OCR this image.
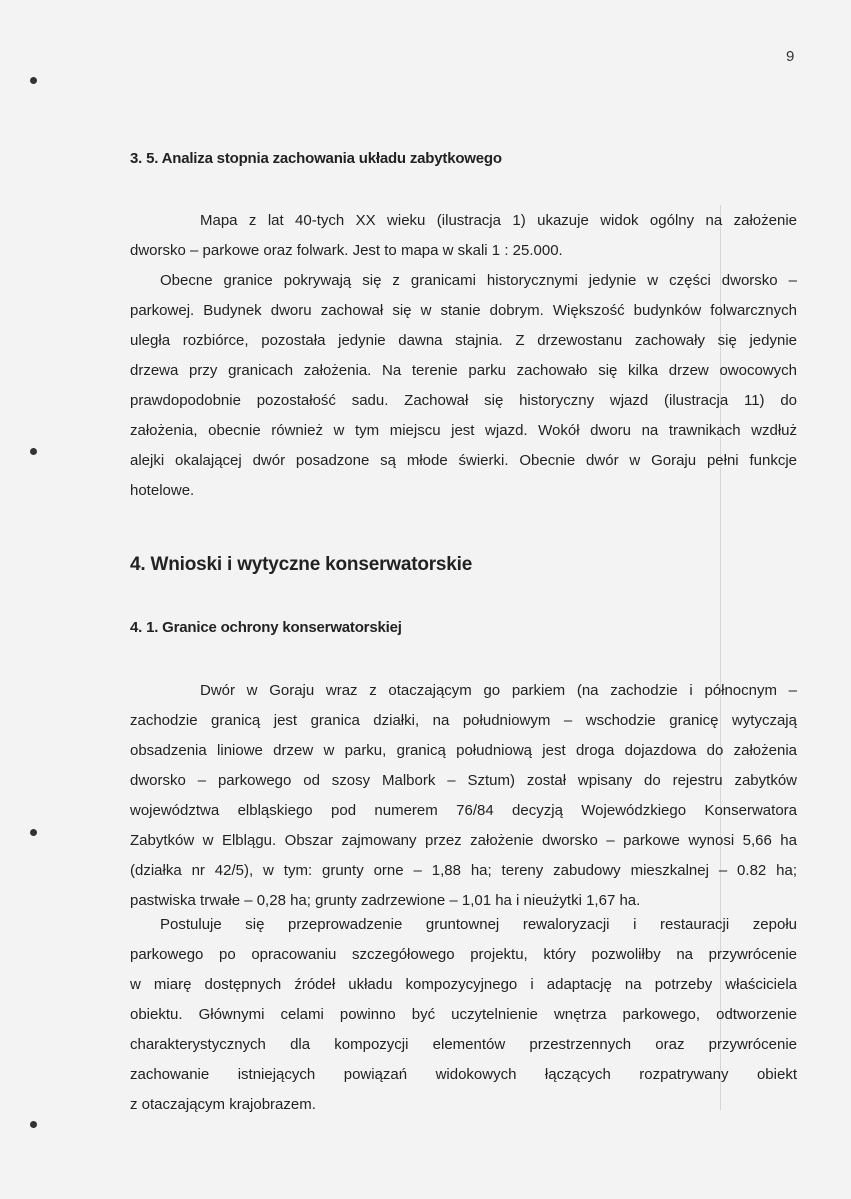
9
3. 5. Analiza stopnia zachowania układu zabytkowego
Mapa z lat 40-tych XX wieku (ilustracja 1) ukazuje widok ogólny na założenie
dworsko – parkowe oraz folwark. Jest to mapa w skali 1 : 25.000.
Obecne granice pokrywają się z granicami historycznymi jedynie w części dworsko –
parkowej. Budynek dworu zachował się w stanie dobrym. Większość budynków folwarcznych
uległa rozbiórce, pozostała jedynie dawna stajnia. Z drzewostanu zachowały się jedynie
drzewa przy granicach założenia. Na terenie parku zachowało się kilka drzew owocowych
prawdopodobnie pozostałość sadu. Zachował się historyczny wjazd (ilustracja 11) do
założenia, obecnie również w tym miejscu jest wjazd. Wokół dworu na trawnikach wzdłuż
alejki okalającej dwór posadzone są młode świerki. Obecnie dwór w Goraju pełni funkcje
hotelowe.
4. Wnioski i wytyczne konserwatorskie
4. 1. Granice ochrony konserwatorskiej
Dwór w Goraju wraz z otaczającym go parkiem (na zachodzie i północnym –
zachodzie granicą jest granica działki, na południowym – wschodzie granicę wytyczają
obsadzenia liniowe drzew w parku, granicą południową jest droga dojazdowa do założenia
dworsko – parkowego od szosy Malbork – Sztum) został wpisany do rejestru zabytków
województwa elbląskiego pod numerem 76/84 decyzją Wojewódzkiego Konserwatora
Zabytków w Elblągu. Obszar zajmowany przez założenie dworsko – parkowe wynosi 5,66 ha
(działka nr 42/5), w tym: grunty orne – 1,88 ha; tereny zabudowy mieszkalnej – 0.82 ha;
pastwiska trwałe – 0,28 ha; grunty zadrzewione – 1,01 ha i nieużytki 1,67 ha.
Postuluje się przeprowadzenie gruntownej rewaloryzacji i restauracji zepołu
parkowego po opracowaniu szczegółowego projektu, który pozwoliłby na przywrócenie
w miarę dostępnych źródeł układu kompozycyjnego i adaptację na potrzeby właściciela
obiektu. Głównymi celami powinno być uczytelnienie wnętrza parkowego, odtworzenie
charakterystycznych dla kompozycji elementów przestrzennych oraz przywrócenie
zachowanie istniejących powiązań widokowych łączących rozpatrywany obiekt
z otaczającym krajobrazem.
